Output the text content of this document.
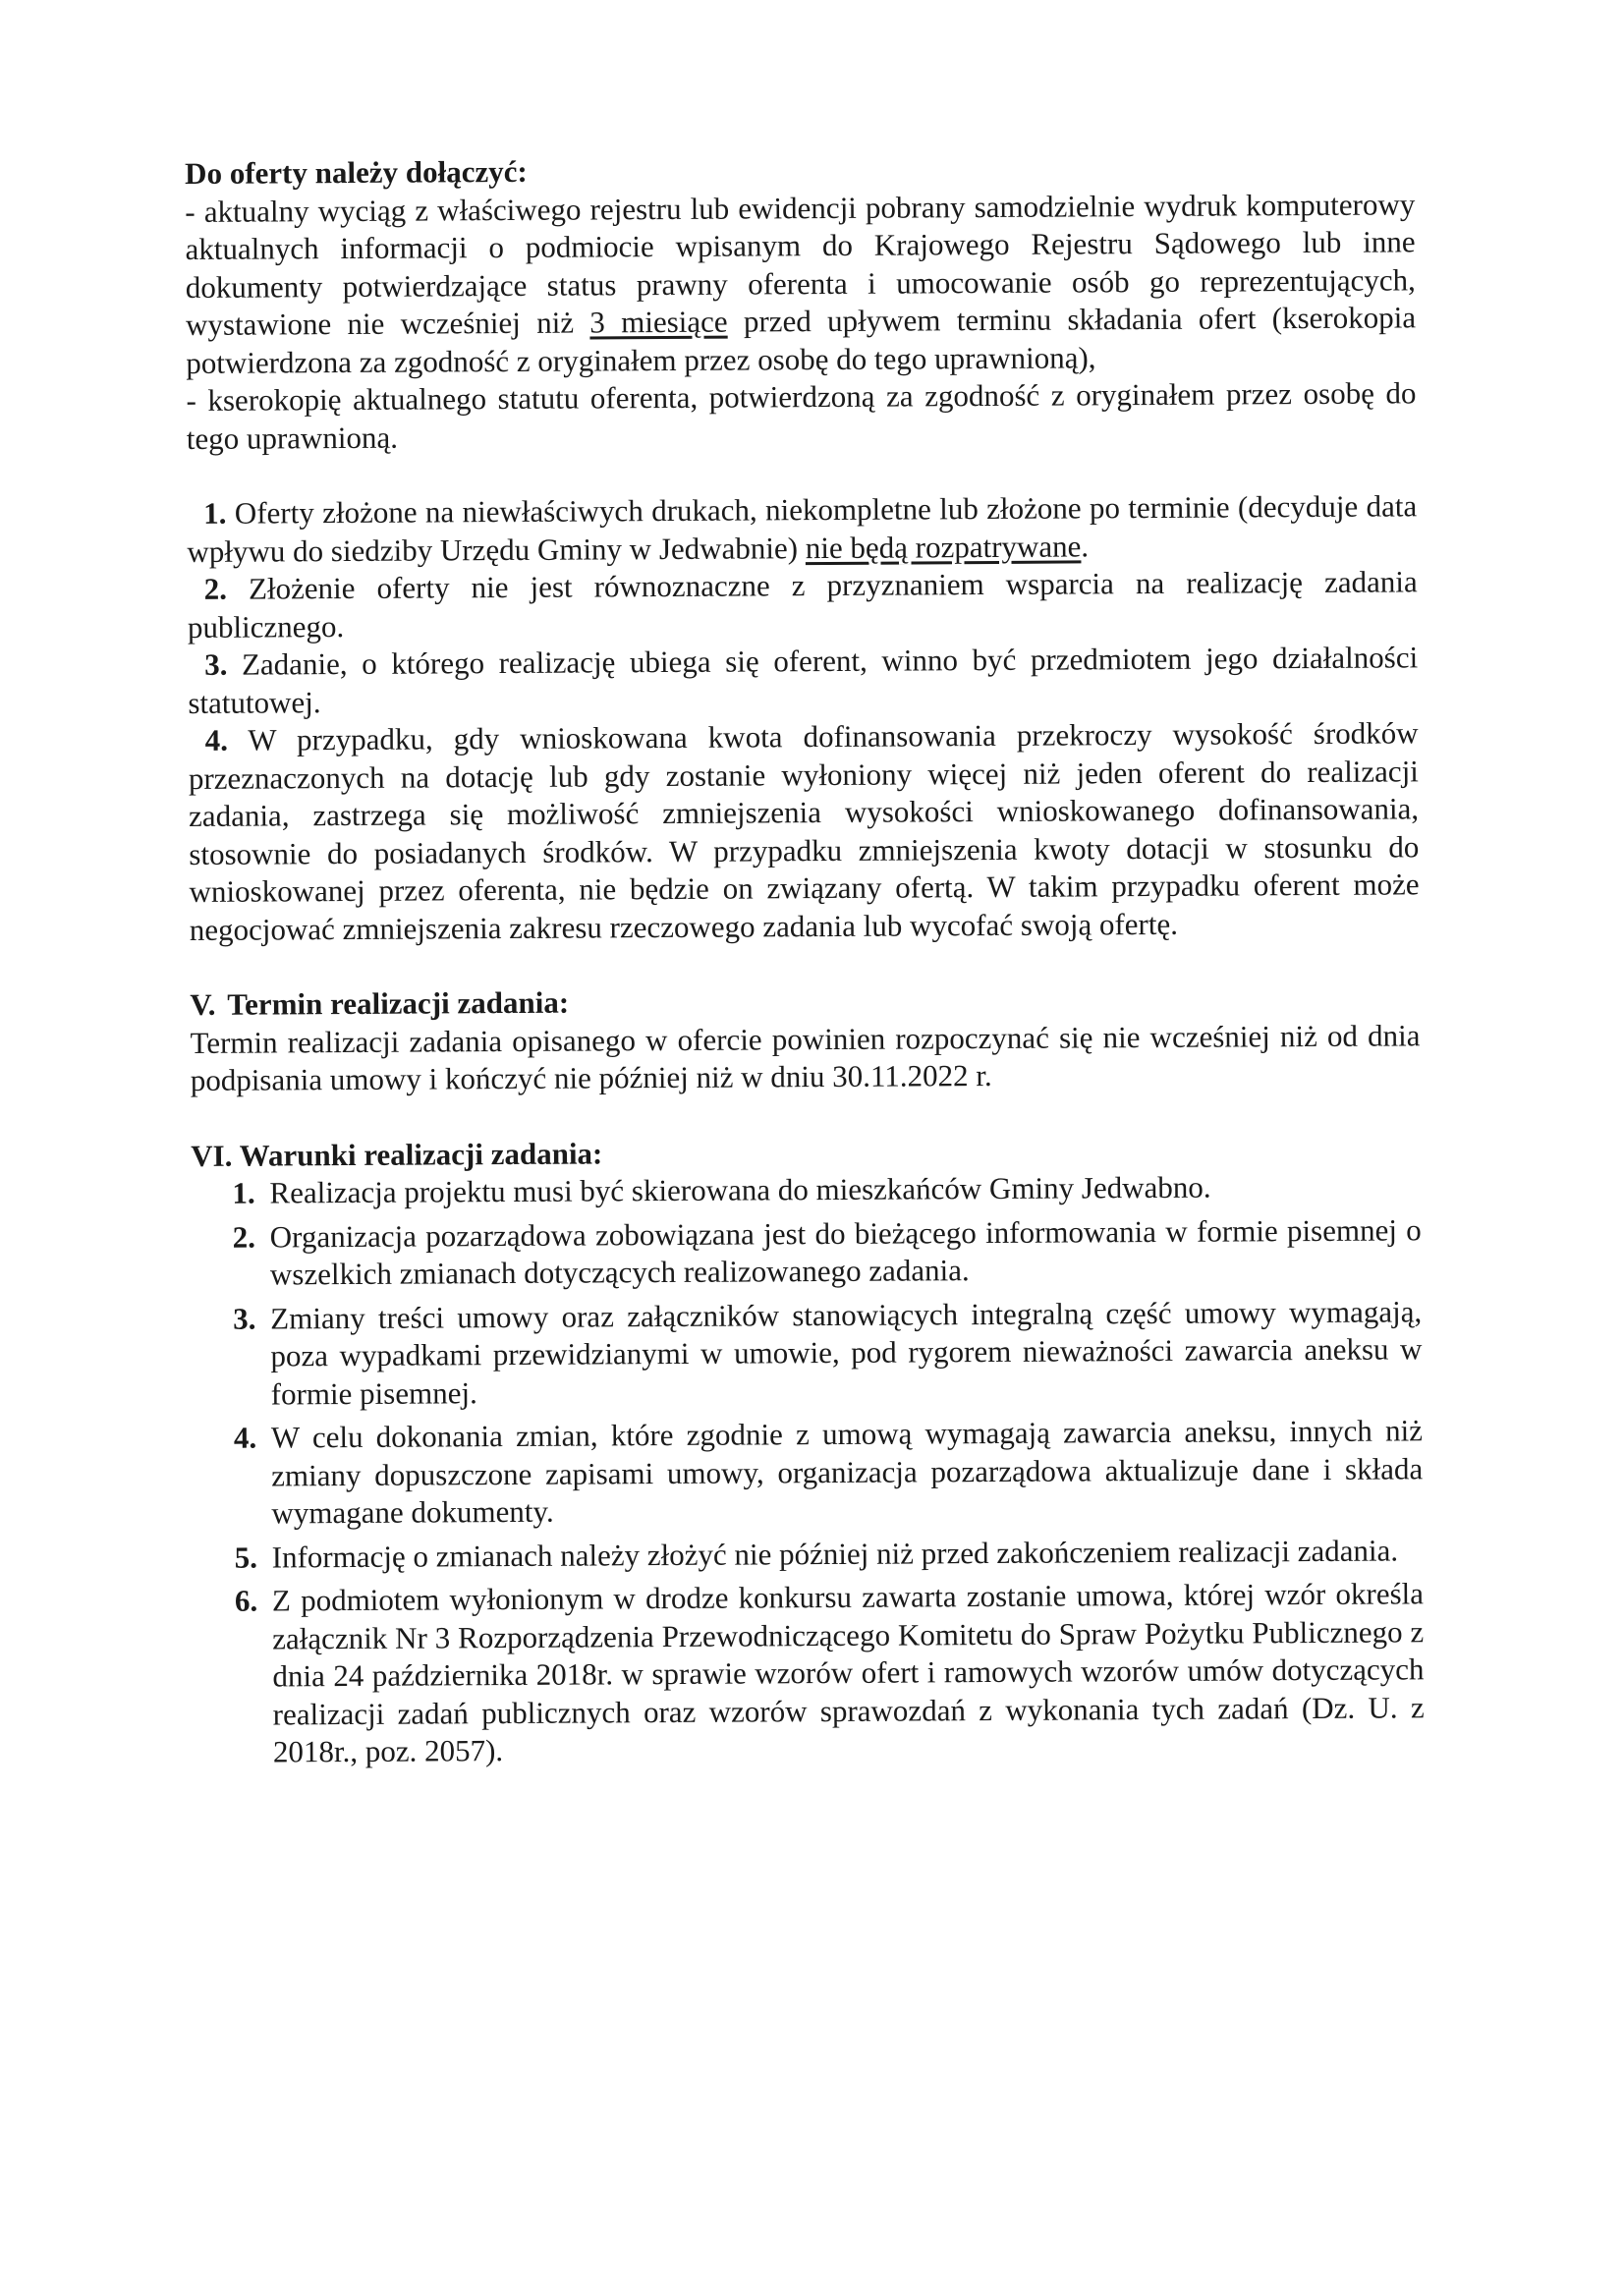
Do oferty należy dołączyć:

- aktualny wyciąg z właściwego rejestru lub ewidencji pobrany samodzielnie wydruk komputerowy aktualnych informacji o podmiocie wpisanym do Krajowego Rejestru Sądowego lub inne dokumenty potwierdzające status prawny oferenta i umocowanie osób go reprezentujących, wystawione nie wcześniej niż 3 miesiące przed upływem terminu składania ofert (kserokopia potwierdzona za zgodność z oryginałem przez osobę do tego uprawnioną),

- kserokopię aktualnego statutu oferenta, potwierdzoną za zgodność z oryginałem przez osobę do tego uprawnioną.

1. Oferty złożone na niewłaściwych drukach, niekompletne lub złożone po terminie (decyduje data wpływu do siedziby Urzędu Gminy w Jedwabnie) nie będą rozpatrywane.

2. Złożenie oferty nie jest równoznaczne z przyznaniem wsparcia na realizację zadania publicznego.

3. Zadanie, o którego realizację ubiega się oferent, winno być przedmiotem jego działalności statutowej.

4. W przypadku, gdy wnioskowana kwota dofinansowania przekroczy wysokość środków przeznaczonych na dotację lub gdy zostanie wyłoniony więcej niż jeden oferent do realizacji zadania, zastrzega się możliwość zmniejszenia wysokości wnioskowanego dofinansowania, stosownie do posiadanych środków. W przypadku zmniejszenia kwoty dotacji w stosunku do wnioskowanej przez oferenta, nie będzie on związany ofertą. W takim przypadku oferent może negocjować zmniejszenia zakresu rzeczowego zadania lub wycofać swoją ofertę.

V. Termin realizacji zadania:

Termin realizacji zadania opisanego w ofercie powinien rozpoczynać się nie wcześniej niż od dnia podpisania umowy i kończyć nie później niż w dniu 30.11.2022 r.

VI. Warunki realizacji zadania:
1. Realizacja projektu musi być skierowana do mieszkańców Gminy Jedwabno.
2. Organizacja pozarządowa zobowiązana jest do bieżącego informowania w formie pisemnej o wszelkich zmianach dotyczących realizowanego zadania.
3. Zmiany treści umowy oraz załączników stanowiących integralną część umowy wymagają, poza wypadkami przewidzianymi w umowie, pod rygorem nieważności zawarcia aneksu w formie pisemnej.
4. W celu dokonania zmian, które zgodnie z umową wymagają zawarcia aneksu, innych niż zmiany dopuszczone zapisami umowy, organizacja pozarządowa aktualizuje dane i składa wymagane dokumenty.
5. Informację o zmianach należy złożyć nie później niż przed zakończeniem realizacji zadania.
6. Z podmiotem wyłonionym w drodze konkursu zawarta zostanie umowa, której wzór określa załącznik Nr 3 Rozporządzenia Przewodniczącego Komitetu do Spraw Pożytku Publicznego z dnia 24 października 2018r. w sprawie wzorów ofert i ramowych wzorów umów dotyczących realizacji zadań publicznych oraz wzorów sprawozdań z wykonania tych zadań (Dz. U. z 2018r., poz. 2057).
